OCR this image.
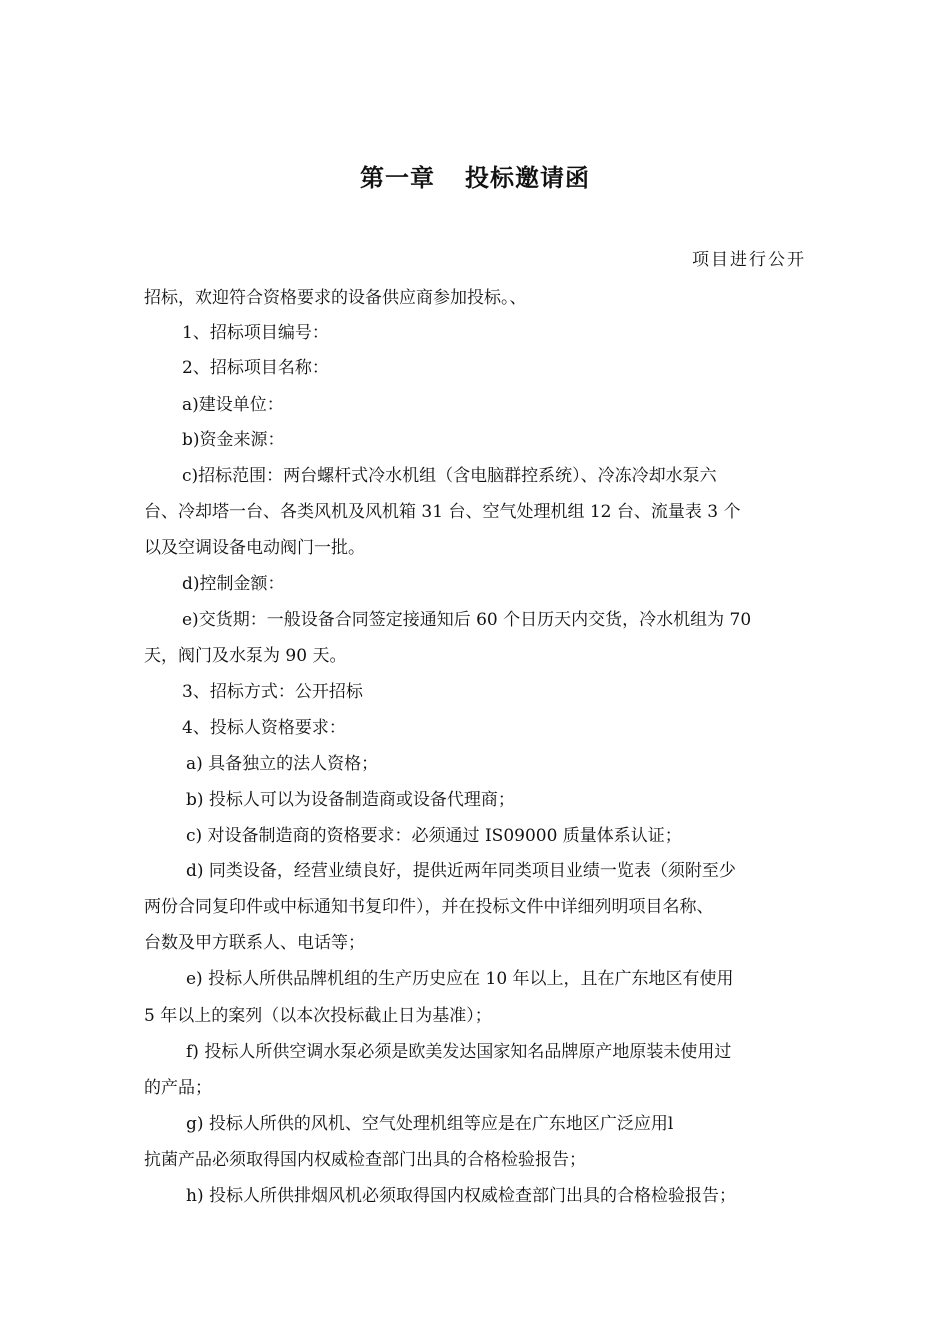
第一章 投标邀请函
项目进行公开
招标，欢迎符合资格要求的设备供应商参加投标。、
1、招标项目编号：
2、招标项目名称：
a)建设单位：
b)资金来源：
c)招标范围：两台螺杆式冷水机组（含电脑群控系统）、冷冻冷却水泵六
台、冷却塔一台、各类风机及风机箱 31 台、空气处理机组 12 台、流量表 3 个
以及空调设备电动阀门一批。
d)控制金额：
e)交货期：一般设备合同签定接通知后 60 个日历天内交货，冷水机组为 70
天，阀门及水泵为 90 天。
3、招标方式：公开招标
4、投标人资格要求：
a) 具备独立的法人资格；
b) 投标人可以为设备制造商或设备代理商；
c) 对设备制造商的资格要求：必须通过 IS09000 质量体系认证；
d) 同类设备，经营业绩良好，提供近两年同类项目业绩一览表（须附至少
两份合同复印件或中标通知书复印件），并在投标文件中详细列明项目名称、
台数及甲方联系人、电话等；
e) 投标人所供品牌机组的生产历史应在 10 年以上，且在广东地区有使用
5 年以上的案列（以本次投标截止日为基准）；
f) 投标人所供空调水泵必须是欧美发达国家知名品牌原产地原装未使用过
的产品；
g) 投标人所供的风机、空气处理机组等应是在广东地区广泛应用l
抗菌产品必须取得国内权威检查部门出具的合格检验报告；
h) 投标人所供排烟风机必须取得国内权威检查部门出具的合格检验报告；
